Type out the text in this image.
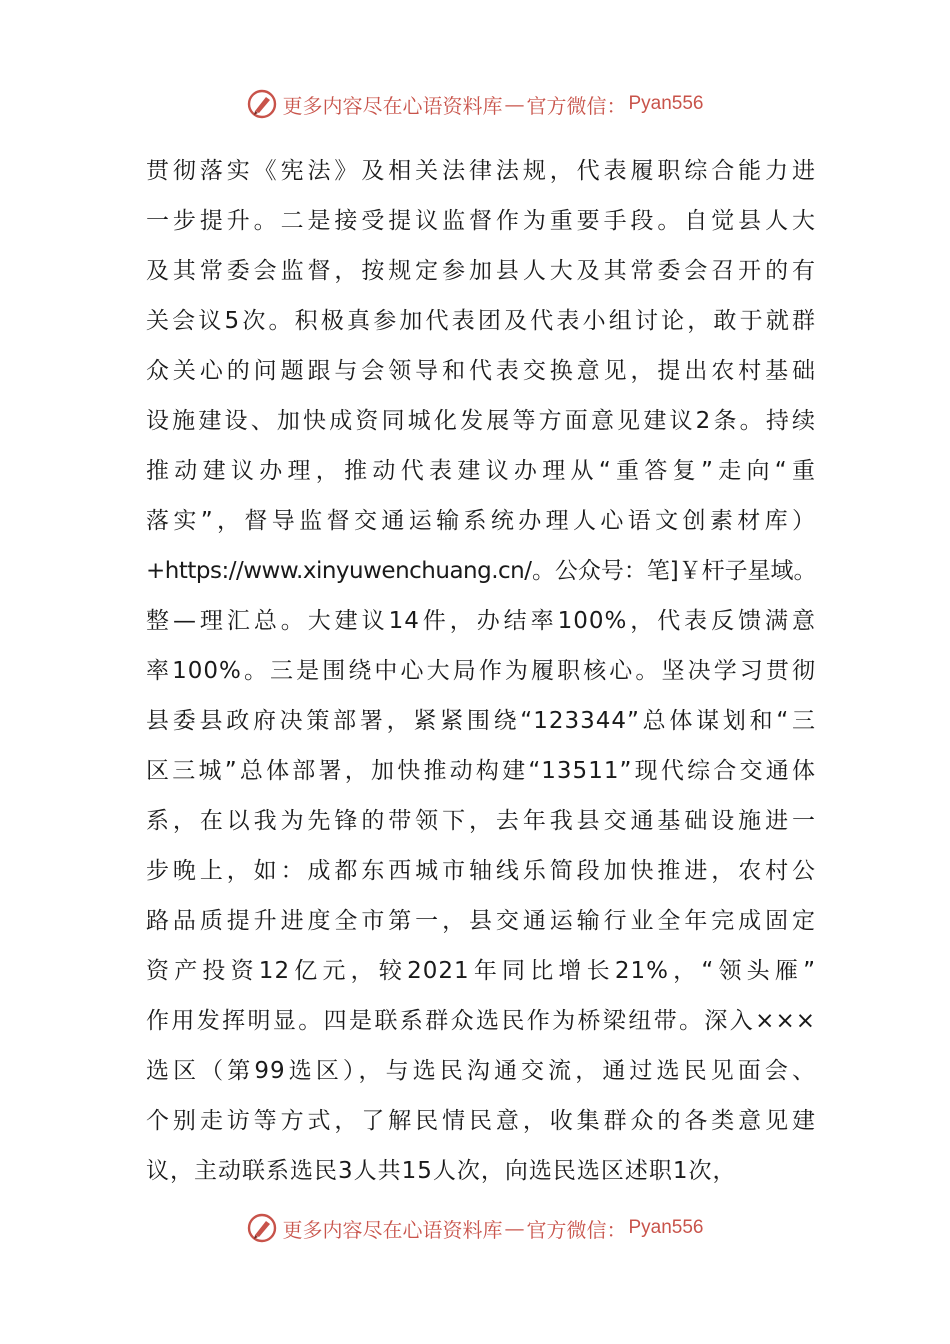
更多内容尽在心语资料库 — 官方微信： Pyan556
贯彻落实《宪法》及相关法律法规，代表履职综合能力进
一步提升。二是接受提议监督作为重要手段。自觉县人大
及其常委会监督，按规定参加县人大及其常委会召开的有
关会议5次。积极真参加代表团及代表小组讨论，敢于就群
众关心的问题跟与会领导和代表交换意见，提出农村基础
设施建设、加快成资同城化发展等方面意见建议2条。持续
推动建议办理，推动代表建议办理从“重答复”走向“重
落实”，督导监督交通运输系统办理人心语文创素材库）
+https://www.xinyuwenchuang.cn/。公众号：笔]￥杆子星域。
整—理汇总。大建议14件，办结率100%，代表反馈满意
率100%。三是围绕中心大局作为履职核心。坚决学习贯彻
县委县政府决策部署，紧紧围绕“123344”总体谋划和“三
区三城”总体部署，加快推动构建“13511”现代综合交通体
系，在以我为先锋的带领下，去年我县交通基础设施进一
步晚上，如：成都东西城市轴线乐简段加快推进，农村公
路品质提升进度全市第一，县交通运输行业全年完成固定
资产投资12亿元，较2021年同比增长21%，“领头雁”
作用发挥明显。四是联系群众选民作为桥梁纽带。深入×××
选区（第99选区），与选民沟通交流，通过选民见面会、
个别走访等方式，了解民情民意，收集群众的各类意见建
议，主动联系选民3人共15人次，向选民选区述职1次，
更多内容尽在心语资料库 — 官方微信： Pyan556
